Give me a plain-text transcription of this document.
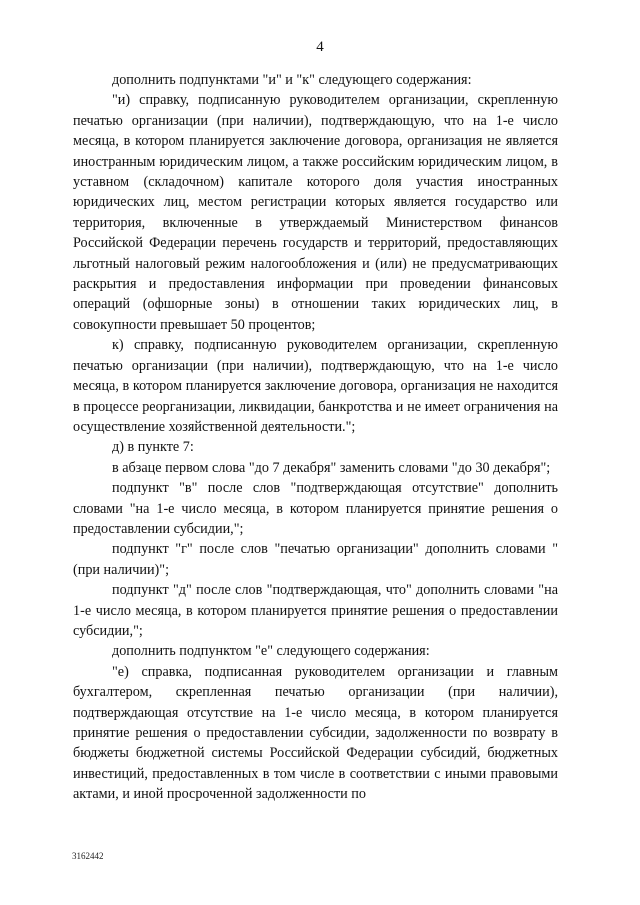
4

дополнить подпунктами "и" и "к" следующего содержания:

"и) справку, подписанную руководителем организации, скрепленную печатью организации (при наличии), подтверждающую, что на 1-е число месяца, в котором планируется заключение договора, организация не является иностранным юридическим лицом, а также российским юридическим лицом, в уставном (складочном) капитале которого доля участия иностранных юридических лиц, местом регистрации которых является государство или территория, включенные в утверждаемый Министерством финансов Российской Федерации перечень государств и территорий, предоставляющих льготный налоговый режим налогообложения и (или) не предусматривающих раскрытия и предоставления информации при проведении финансовых операций (офшорные зоны) в отношении таких юридических лиц, в совокупности превышает 50 процентов;

к) справку, подписанную руководителем организации, скрепленную печатью организации (при наличии), подтверждающую, что на 1-е число месяца, в котором планируется заключение договора, организация не находится в процессе реорганизации, ликвидации, банкротства и не имеет ограничения на осуществление хозяйственной деятельности.";

д) в пункте 7:

в абзаце первом слова "до 7 декабря" заменить словами "до 30 декабря";

подпункт "в" после слов "подтверждающая отсутствие" дополнить словами "на 1-е число месяца, в котором планируется принятие решения о предоставлении субсидии,";

подпункт "г" после слов "печатью организации" дополнить словами "(при наличии)";

подпункт "д" после слов "подтверждающая, что" дополнить словами "на 1-е число месяца, в котором планируется принятие решения о предоставлении субсидии,";

дополнить подпунктом "е" следующего содержания:

"е) справка, подписанная руководителем организации и главным бухгалтером, скрепленная печатью организации (при наличии), подтверждающая отсутствие на 1-е число месяца, в котором планируется принятие решения о предоставлении субсидии, задолженности по возврату в бюджеты бюджетной системы Российской Федерации субсидий, бюджетных инвестиций, предоставленных в том числе в соответствии с иными правовыми актами, и иной просроченной задолженности по

3162442
